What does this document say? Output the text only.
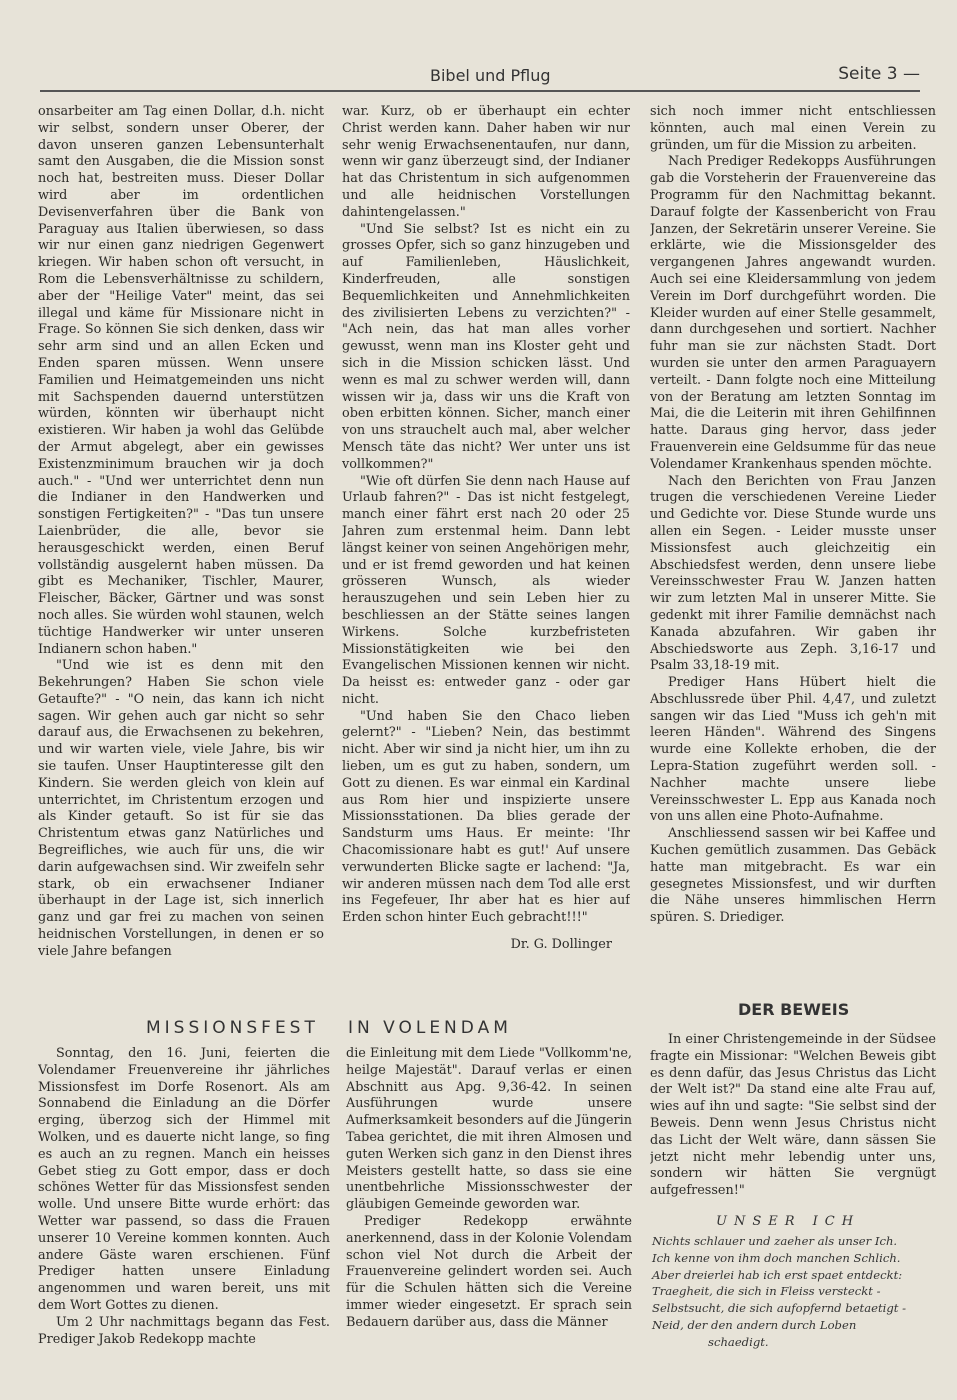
Bibel und Pflug	Seite 3 —

onsarbeiter am Tag einen Dollar, d.h. nicht wir selbst, sondern unser Oberer, der davon unseren ganzen Lebensunterhalt samt den Ausgaben, die die Mission sonst noch hat, bestreiten muss. Dieser Dollar wird aber im ordentlichen Devisenverfahren über die Bank von Paraguay aus Italien überwiesen, so dass wir nur einen ganz niedrigen Gegenwert kriegen. Wir haben schon oft versucht, in Rom die Lebensverhältnisse zu schildern, aber der "Heilige Vater" meint, das sei illegal und käme für Missionare nicht in Frage. So können Sie sich denken, dass wir sehr arm sind und an allen Ecken und Enden sparen müssen. Wenn unsere Familien und Heimatgemeinden uns nicht mit Sachspenden dauernd unterstützen würden, könnten wir überhaupt nicht existieren. Wir haben ja wohl das Gelübde der Armut abgelegt, aber ein gewisses Existenzminimum brauchen wir ja doch auch." - "Und wer unterrichtet denn nun die Indianer in den Handwerken und sonstigen Fertigkeiten?" - "Das tun unsere Laienbrüder, die alle, bevor sie herausgeschickt werden, einen Beruf vollständig ausgelernt haben müssen. Da gibt es Mechaniker, Tischler, Maurer, Fleischer, Bäcker, Gärtner und was sonst noch alles. Sie würden wohl staunen, welch tüchtige Handwerker wir unter unseren Indianern schon haben."

"Und wie ist es denn mit den Bekehrungen? Haben Sie schon viele Getaufte?" - "O nein, das kann ich nicht sagen. Wir gehen auch gar nicht so sehr darauf aus, die Erwachsenen zu bekehren, und wir warten viele, viele Jahre, bis wir sie taufen. Unser Hauptinteresse gilt den Kindern. Sie werden gleich von klein auf unterrichtet, im Christentum erzogen und als Kinder getauft. So ist für sie das Christentum etwas ganz Natürliches und Begreifliches, wie auch für uns, die wir darin aufgewachsen sind. Wir zweifeln sehr stark, ob ein erwachsener Indianer überhaupt in der Lage ist, sich innerlich ganz und gar frei zu machen von seinen heidnischen Vorstellungen, in denen er so viele Jahre befangen

war. Kurz, ob er überhaupt ein echter Christ werden kann. Daher haben wir nur sehr wenig Erwachsenentaufen, nur dann, wenn wir ganz überzeugt sind, der Indianer hat das Christentum in sich aufgenommen und alle heidnischen Vorstellungen dahintengelassen."

"Und Sie selbst? Ist es nicht ein zu grosses Opfer, sich so ganz hinzugeben und auf Familienleben, Häuslichkeit, Kinderfreuden, alle sonstigen Bequemlichkeiten und Annehmlichkeiten des zivilisierten Lebens zu verzichten?" - "Ach nein, das hat man alles vorher gewusst, wenn man ins Kloster geht und sich in die Mission schicken lässt. Und wenn es mal zu schwer werden will, dann wissen wir ja, dass wir uns die Kraft von oben erbitten können. Sicher, manch einer von uns strauchelt auch mal, aber welcher Mensch täte das nicht? Wer unter uns ist vollkommen?"

"Wie oft dürfen Sie denn nach Hause auf Urlaub fahren?" - Das ist nicht festgelegt, manch einer fährt erst nach 20 oder 25 Jahren zum erstenmal heim. Dann lebt längst keiner von seinen Angehörigen mehr, und er ist fremd geworden und hat keinen grösseren Wunsch, als wieder herauszugehen und sein Leben hier zu beschliessen an der Stätte seines langen Wirkens. Solche kurzbefristeten Missionstätigkeiten wie bei den Evangelischen Missionen kennen wir nicht. Da heisst es: entweder ganz - oder gar nicht.

"Und haben Sie den Chaco lieben gelernt?" - "Lieben? Nein, das bestimmt nicht. Aber wir sind ja nicht hier, um ihn zu lieben, um es gut zu haben, sondern, um Gott zu dienen. Es war einmal ein Kardinal aus Rom hier und inspizierte unsere Missionsstationen. Da blies gerade der Sandsturm ums Haus. Er meinte: 'Ihr Chacomissionare habt es gut!' Auf unsere verwunderten Blicke sagte er lachend: "Ja, wir anderen müssen nach dem Tod alle erst ins Fegefeuer, Ihr aber hat es hier auf Erden schon hinter Euch gebracht!!!"

Dr. G. Dollinger

sich noch immer nicht entschliessen könnten, auch mal einen Verein zu gründen, um für die Mission zu arbeiten.

Nach Prediger Redekopps Ausführungen gab die Vorsteherin der Frauenvereine das Programm für den Nachmittag bekannt. Darauf folgte der Kassenbericht von Frau Janzen, der Sekretärin unserer Vereine. Sie erklärte, wie die Missionsgelder des vergangenen Jahres angewandt wurden. Auch sei eine Kleidersammlung von jedem Verein im Dorf durchgeführt worden. Die Kleider wurden auf einer Stelle gesammelt, dann durchgesehen und sortiert. Nachher fuhr man sie zur nächsten Stadt. Dort wurden sie unter den armen Paraguayern verteilt. - Dann folgte noch eine Mitteilung von der Beratung am letzten Sonntag im Mai, die die Leiterin mit ihren Gehilfinnen hatte. Daraus ging hervor, dass jeder Frauenverein eine Geldsumme für das neue Volendamer Krankenhaus spenden möchte.

Nach den Berichten von Frau Janzen trugen die verschiedenen Vereine Lieder und Gedichte vor. Diese Stunde wurde uns allen ein Segen. - Leider musste unser Missionsfest auch gleichzeitig ein Abschiedsfest werden, denn unsere liebe Vereinsschwester Frau W. Janzen hatten wir zum letzten Mal in unserer Mitte. Sie gedenkt mit ihrer Familie demnächst nach Kanada abzufahren. Wir gaben ihr Abschiedsworte aus Zeph. 3,16-17 und Psalm 33,18-19 mit.

Prediger Hans Hübert hielt die Abschlussrede über Phil. 4,47, und zuletzt sangen wir das Lied "Muss ich geh'n mit leeren Händen". Während des Singens wurde eine Kollekte erhoben, die der Lepra-Station zugeführt werden soll. - Nachher machte unsere liebe Vereinsschwester L. Epp aus Kanada noch von uns allen eine Photo-Aufnahme.

Anschliessend sassen wir bei Kaffee und Kuchen gemütlich zusammen. Das Gebäck hatte man mitgebracht. Es war ein gesegnetes Missionsfest, und wir durften die Nähe unseres himmlischen Herrn spüren. S. Driediger.

MISSIONSFEST IN VOLENDAM

Sonntag, den 16. Juni, feierten die Volendamer Freuenvereine ihr jährliches Missionsfest im Dorfe Rosenort. Als am Sonnabend die Einladung an die Dörfer erging, überzog sich der Himmel mit Wolken, und es dauerte nicht lange, so fing es auch an zu regnen. Manch ein heisses Gebet stieg zu Gott empor, dass er doch schönes Wetter für das Missionsfest senden wolle. Und unsere Bitte wurde erhört: das Wetter war passend, so dass die Frauen unserer 10 Vereine kommen konnten. Auch andere Gäste waren erschienen. Fünf Prediger hatten unsere Einladung angenommen und waren bereit, uns mit dem Wort Gottes zu dienen.

Um 2 Uhr nachmittags begann das Fest. Prediger Jakob Redekopp machte

die Einleitung mit dem Liede "Vollkomm'ne, heilge Majestät". Darauf verlas er einen Abschnitt aus Apg. 9,36-42. In seinen Ausführungen wurde unsere Aufmerksamkeit besonders auf die Jüngerin Tabea gerichtet, die mit ihren Almosen und guten Werken sich ganz in den Dienst ihres Meisters gestellt hatte, so dass sie eine unentbehrliche Missionsschwester der gläubigen Gemeinde geworden war.

Prediger Redekopp erwähnte anerkennend, dass in der Kolonie Volendam schon viel Not durch die Arbeit der Frauenvereine gelindert worden sei. Auch für die Schulen hätten sich die Vereine immer wieder eingesetzt. Er sprach sein Bedauern darüber aus, dass die Männer

DER BEWEIS

In einer Christengemeinde in der Südsee fragte ein Missionar: "Welchen Beweis gibt es denn dafür, das Jesus Christus das Licht der Welt ist?" Da stand eine alte Frau auf, wies auf ihn und sagte: "Sie selbst sind der Beweis. Denn wenn Jesus Christus nicht das Licht der Welt wäre, dann sässen Sie jetzt nicht mehr lebendig unter uns, sondern wir hätten Sie vergnügt aufgefressen!"

UNSER ICH
Nichts schlauer und zaeher als unser Ich.
Ich kenne von ihm doch manchen Schlich.
Aber dreierlei hab ich erst spaet entdeckt:
Traegheit, die sich in Fleiss versteckt -
Selbstsucht, die sich aufopfernd betaetigt -
Neid, der den andern durch Loben
schaedigt.
